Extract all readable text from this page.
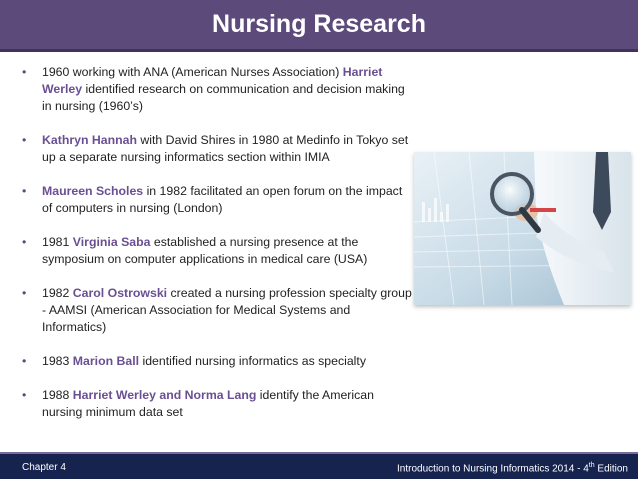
Nursing Research
• 1960 working with ANA (American Nurses Association) Harriet Werley identified research on communication and decision making in nursing (1960’s)
• Kathryn Hannah with David Shires in 1980 at Medinfo in Tokyo set up a separate nursing informatics section within IMIA
• Maureen Scholes in 1982 facilitated an open forum on the impact of computers in nursing (London)
• 1981 Virginia Saba established a nursing presence at the symposium on computer applications in medical care (USA)
• 1982 Carol Ostrowski created a nursing profession specialty group - AAMSI (American Association for Medical Systems and Informatics)
• 1983 Marion Ball identified nursing informatics as specialty
• 1988 Harriet Werley and Norma Lang identify the American nursing minimum data set
Chapter 4	Introduction to Nursing Informatics 2014 - 4th Edition
